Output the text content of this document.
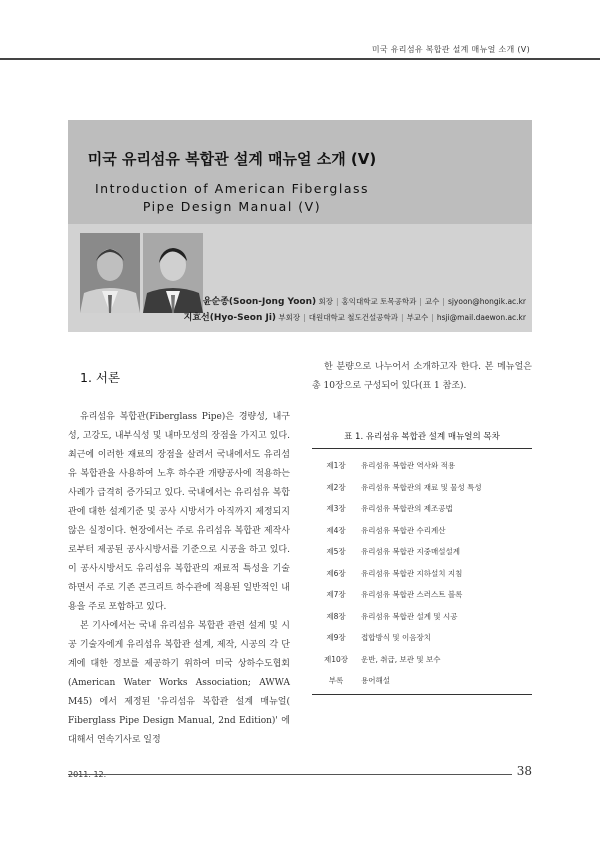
미국 유리섬유 복합관 설계 매뉴얼 소개 (V)
미국 유리섬유 복합관 설계 매뉴얼 소개 (V)
Introduction of American Fiberglass
Pipe Design Manual (V)
윤순종(Soon-Jong Yoon) 회장 | 홍익대학교 토목공학과 | 교수 | sjyoon@hongik.ac.kr
지효선(Hyo-Seon Ji) 부회장 | 대원대학교 철도건설공학과 | 부교수 | hsji@mail.daewon.ac.kr
1. 서론

유리섬유 복합관(Fiberglass Pipe)은 경량성, 내구성, 고강도, 내부식성 및 내마모성의 장점을 가지고 있다. 최근에 이러한 재료의 장점을 살려서 국내에서도 유리섬유 복합관을 사용하여 노후 하수관 개량공사에 적용하는 사례가 급격히 증가되고 있다. 국내에서는 유리섬유 복합관에 대한 설계기준 및 공사 시방서가 아직까지 제정되지 않은 실정이다. 현장에서는 주로 유리섬유 복합관 제작사로부터 제공된 공사시방서를 기준으로 시공을 하고 있다. 이 공사시방서도 유리섬유 복합관의 재료적 특성을 기술하면서 주로 기존 콘크리트 하수관에 적용된 일반적인 내용을 주로 포함하고 있다.

본 기사에서는 국내 유리섬유 복합관 관련 설계 및 시공 기술자에게 유리섬유 복합관 설계, 제작, 시공의 각 단계에 대한 정보를 제공하기 위하여 미국 상하수도협회(American Water Works Association; AWWA M45) 에서 제정된 '유리섬유 복합관 설계 매뉴얼( Fiberglass Pipe Design Manual, 2nd Edition)' 에 대해서 연속기사로 일정

한 분량으로 나누어서 소개하고자 한다. 본 메뉴얼은 총 10장으로 구성되어 있다(표 1 참조).

표 1. 유리섬유 복합관 설계 매뉴얼의 목차
제1장	유리섬유 복합관 역사와 적용
제2장	유리섬유 복합관의 재료 및 물성 특성
제3장	유리섬유 복합관의 제조공법
제4장	유리섬유 복합관 수리계산
제5장	유리섬유 복합관 지중매설설계
제6장	유리섬유 복합관 지하설치 지침
제7장	유리섬유 복합관 스러스트 블록
제8장	유리섬유 복합관 설계 및 시공
제9장	접합방식 및 이음장치
제10장	운반, 취급, 보관 및 보수
부록	용어해설
38
